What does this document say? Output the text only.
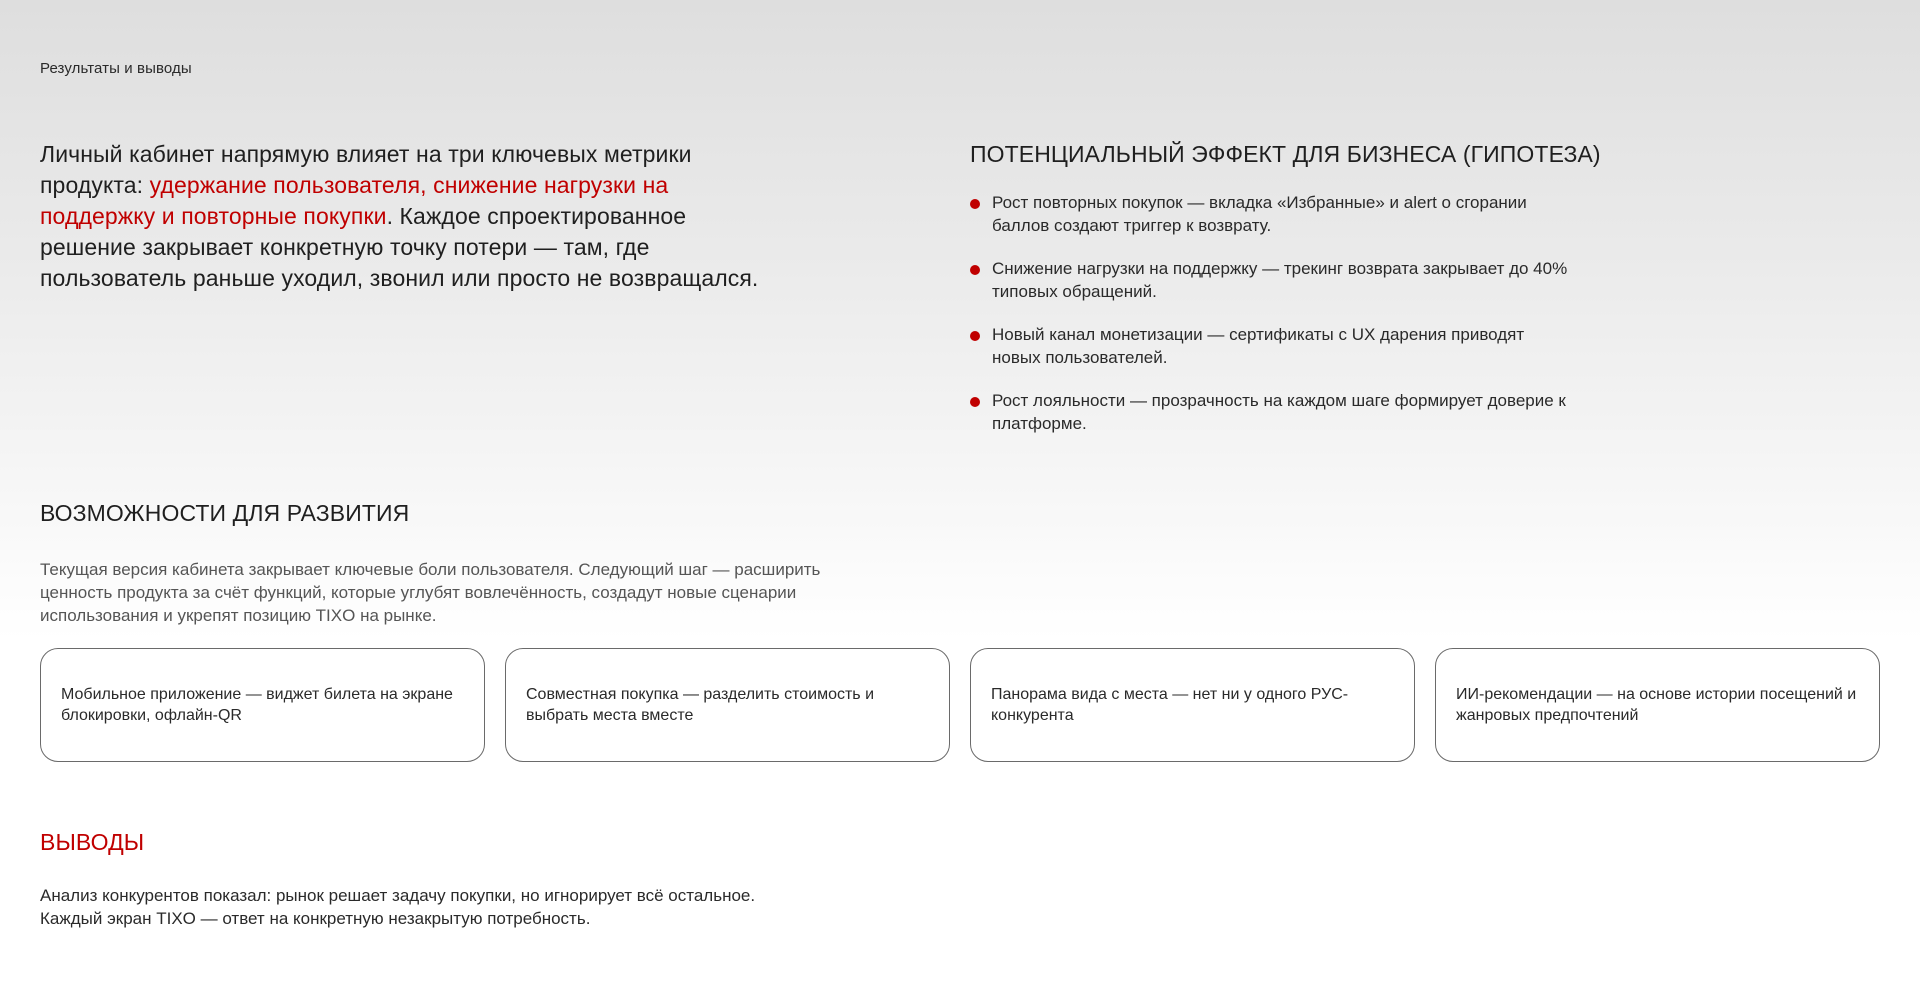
Результаты и выводы

Личный кабинет напрямую влияет на три ключевых метрики продукта: удержание пользователя, снижение нагрузки на поддержку и повторные покупки. Каждое спроектированное решение закрывает конкретную точку потери — там, где пользователь раньше уходил, звонил или просто не возвращался.

ПОТЕНЦИАЛЬНЫЙ ЭФФЕКТ ДЛЯ БИЗНЕСА (ГИПОТЕЗА)
Рост повторных покупок — вкладка «Избранные» и alert о сгорании баллов создают триггер к возврату.
Снижение нагрузки на поддержку — трекинг возврата закрывает до 40% типовых обращений.
Новый канал монетизации — сертификаты с UX дарения приводят новых пользователей.
Рост лояльности — прозрачность на каждом шаге формирует доверие к платформе.
ВОЗМОЖНОСТИ ДЛЯ РАЗВИТИЯ

Текущая версия кабинета закрывает ключевые боли пользователя. Следующий шаг — расширить ценность продукта за счёт функций, которые углубят вовлечённость, создадут новые сценарии использования и укрепят позицию TIXO на рынке.

Мобильное приложение — виджет билета на экране блокировки, офлайн-QR
Совместная покупка — разделить стоимость и выбрать места вместе
Панорама вида с места — нет ни у одного РУС-конкурента
ИИ-рекомендации — на основе истории посещений и жанровых предпочтений
ВЫВОДЫ

Анализ конкурентов показал: рынок решает задачу покупки, но игнорирует всё остальное. Каждый экран TIXO — ответ на конкретную незакрытую потребность.
